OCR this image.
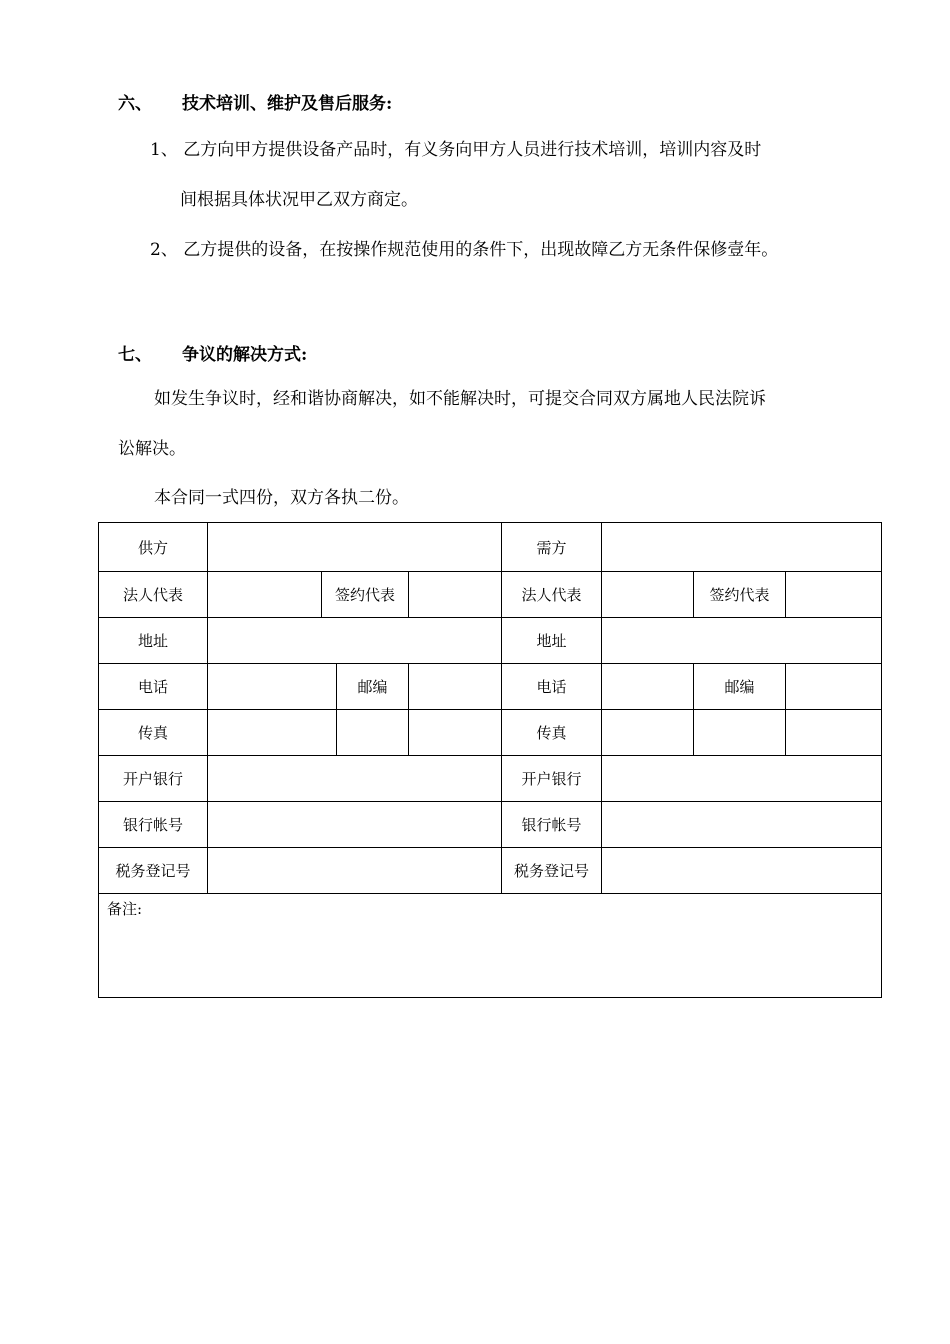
六、 技术培训、维护及售后服务:
1、 乙方向甲方提供设备产品时，有义务向甲方人员进行技术培训，培训内容及时
间根据具体状况甲乙双方商定。
2、 乙方提供的设备，在按操作规范使用的条件下，出现故障乙方无条件保修壹年。
七、 争议的解决方式:
如发生争议时，经和谐协商解决，如不能解决时，可提交合同双方属地人民法院诉
讼解决。
本合同一式四份，双方各执二份。
供方					需方			
法人代表		签约代表			法人代表		签约代表	
地址					地址			
电话			邮编		电话		邮编	
传真					传真			
开户银行					开户银行			
银行帐号					银行帐号			
税务登记号					税务登记号			
备注:								
